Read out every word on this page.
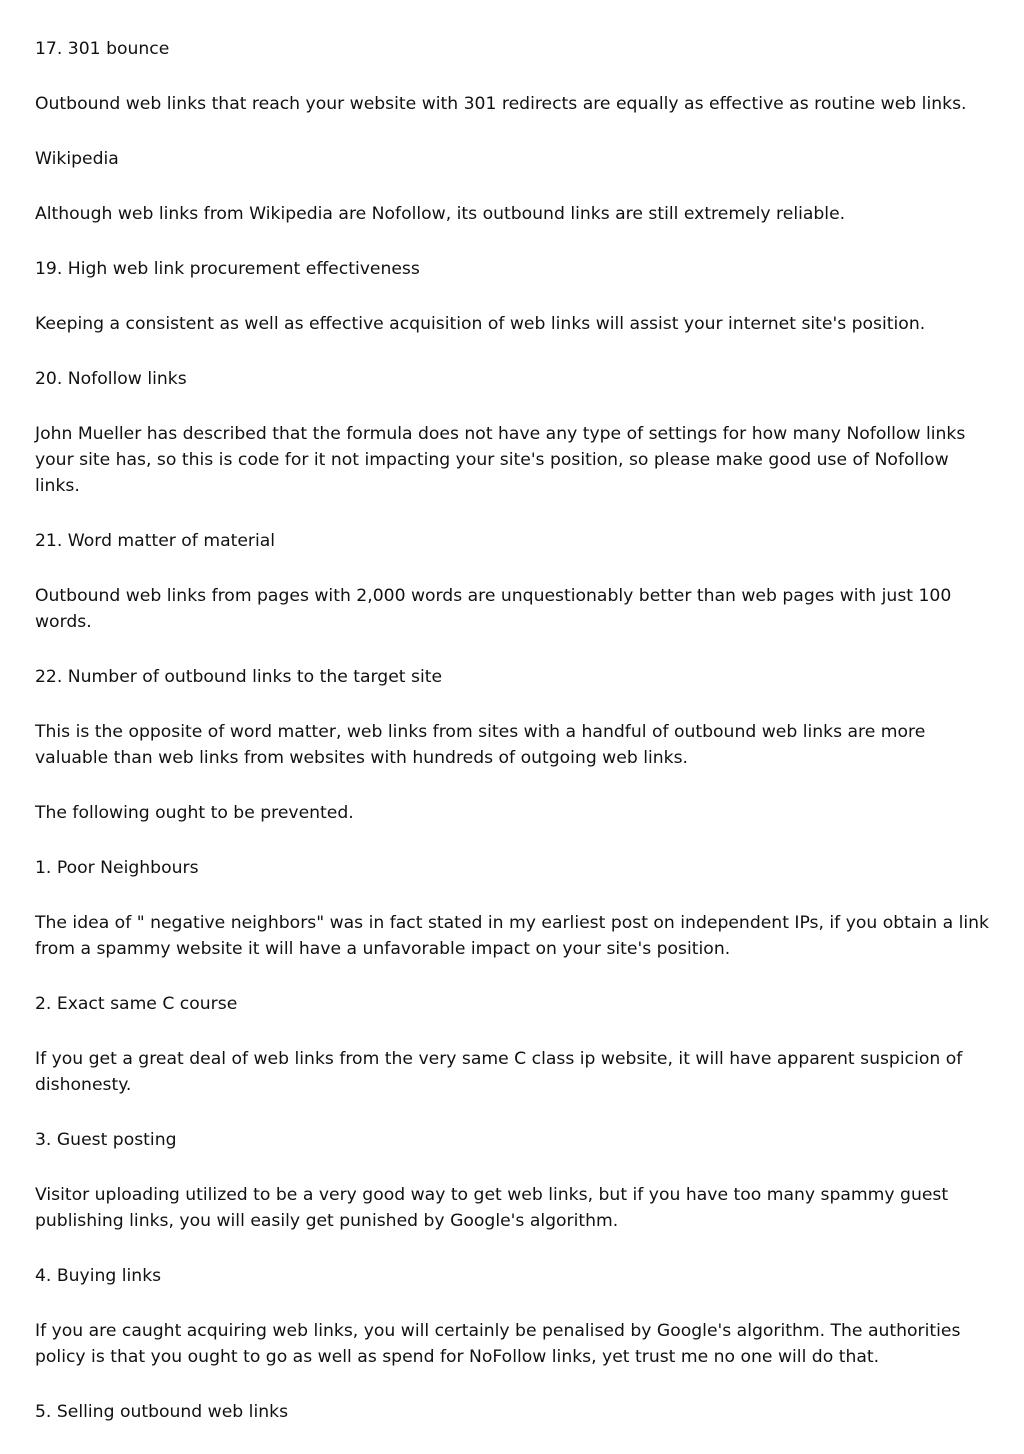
17. 301 bounce

Outbound web links that reach your website with 301 redirects are equally as effective as routine web links.

Wikipedia

Although web links from Wikipedia are Nofollow, its outbound links are still extremely reliable.

19. High web link procurement effectiveness

Keeping a consistent as well as effective acquisition of web links will assist your internet site's position.

20. Nofollow links

John Mueller has described that the formula does not have any type of settings for how many Nofollow links your site has, so this is code for it not impacting your site's position, so please make good use of Nofollow links.

21. Word matter of material

Outbound web links from pages with 2,000 words are unquestionably better than web pages with just 100 words.

22. Number of outbound links to the target site

This is the opposite of word matter, web links from sites with a handful of outbound web links are more valuable than web links from websites with hundreds of outgoing web links.

The following ought to be prevented.

1. Poor Neighbours

The idea of " negative neighbors" was in fact stated in my earliest post on independent IPs, if you obtain a link from a spammy website it will have a unfavorable impact on your site's position.

2. Exact same C course

If you get a great deal of web links from the very same C class ip website, it will have apparent suspicion of dishonesty.

3. Guest posting

Visitor uploading utilized to be a very good way to get web links, but if you have too many spammy guest publishing links, you will easily get punished by Google's algorithm.

4. Buying links

If you are caught acquiring web links, you will certainly be penalised by Google's algorithm. The authorities policy is that you ought to go as well as spend for NoFollow links, yet trust me no one will do that.

5. Selling outbound web links
